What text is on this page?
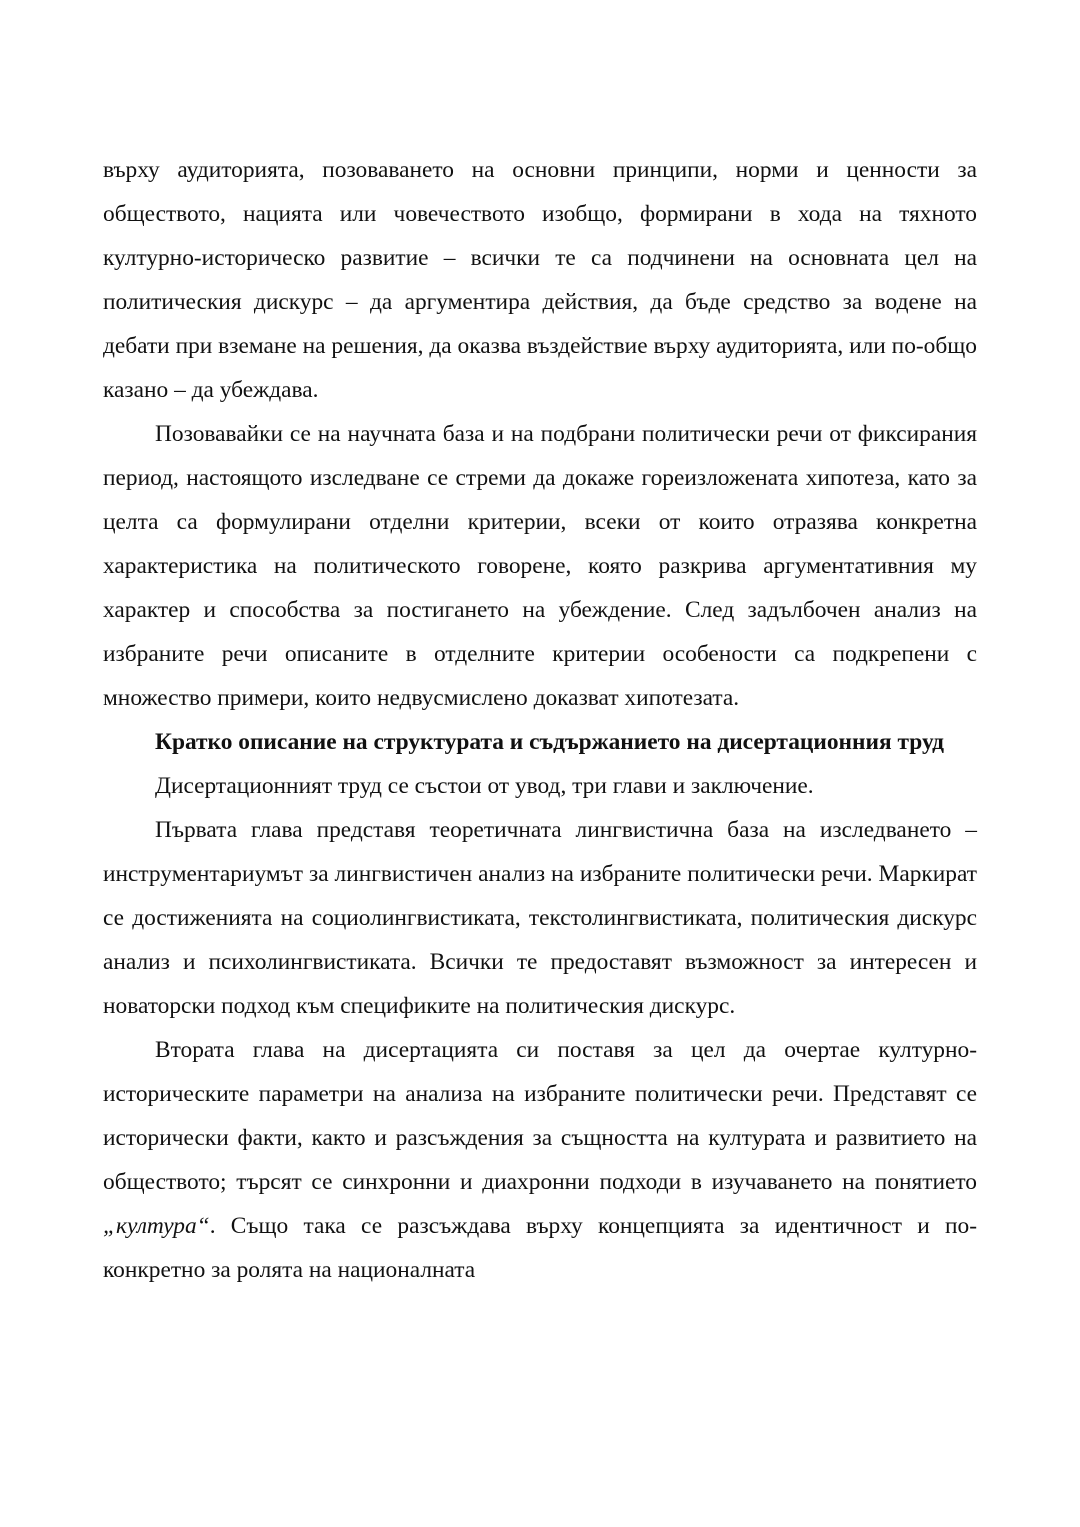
върху аудиторията, позоваването на основни принципи, норми и ценности за обществото, нацията или човечеството изобщо, формирани в хода на тяхното културно-историческо развитие – всички те са подчинени на основната цел на политическия дискурс – да аргументира действия, да бъде средство за водене на дебати при вземане на решения, да оказва въздействие върху аудиторията, или по-общо казано – да убеждава.

Позовавайки се на научната база и на подбрани политически речи от фиксирания период, настоящото изследване се стреми да докаже гореизложената хипотеза, като за целта са формулирани отделни критерии, всеки от които отразява конкретна характеристика на политическото говорене, която разкрива аргументативния му характер и способства за постигането на убеждение. След задълбочен анализ на избраните речи описаните в отделните критерии особености са подкрепени с множество примери, които недвусмислено доказват хипотезата.

Кратко описание на структурата и съдържанието на дисертационния труд

Дисертационният труд се състои от увод, три глави и заключение.

Първата глава представя теоретичната лингвистична база на изследването – инструментариумът за лингвистичен анализ на избраните политически речи. Маркират се достиженията на социолингвистиката, текстолингвистиката, политическия дискурс анализ и психолингвистиката. Всички те предоставят възможност за интересен и новаторски подход към спецификите на политическия дискурс.

Втората глава на дисертацията си поставя за цел да очертае културно-историческите параметри на анализа на избраните политически речи. Представят се исторически факти, както и разсъждения за същността на културата и развитието на обществото; търсят се синхронни и диахронни подходи в изучаването на понятието „култура“. Също така се разсъждава върху концепцията за идентичност и по-конкретно за ролята на националната
